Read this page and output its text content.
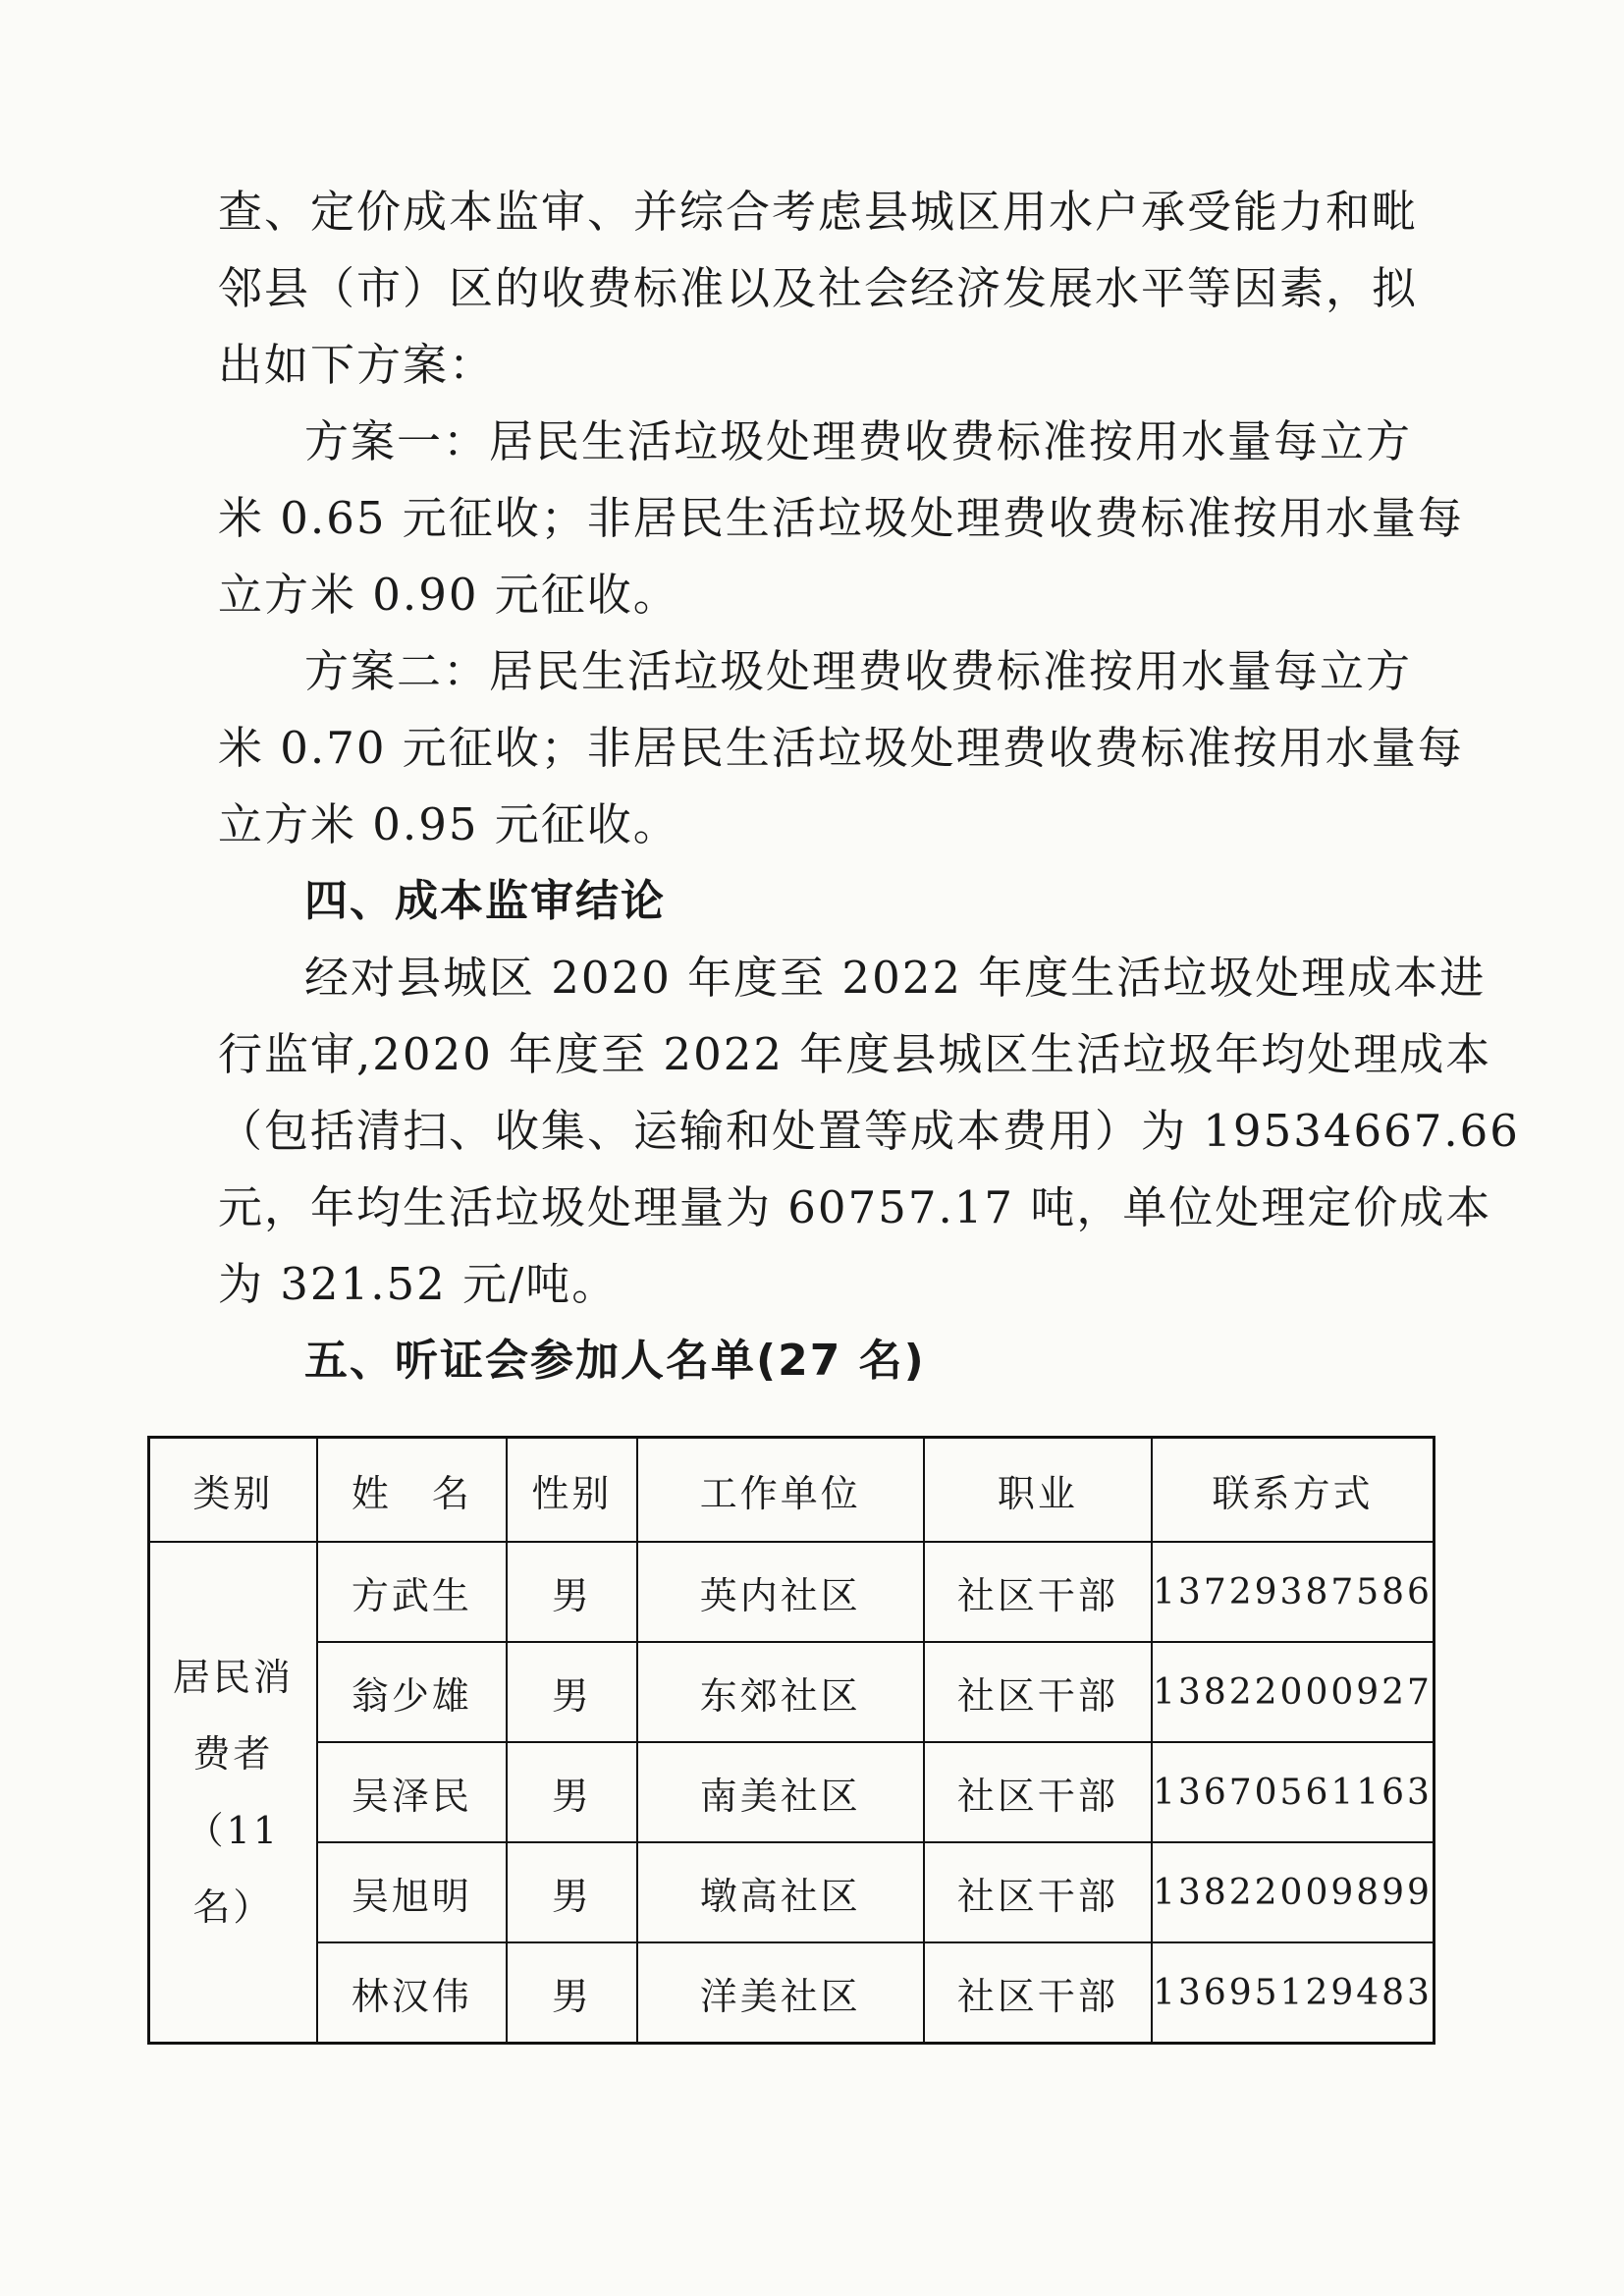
查、定价成本监审、并综合考虑县城区用水户承受能力和毗
邻县（市）区的收费标准以及社会经济发展水平等因素，拟
出如下方案：
方案一：居民生活垃圾处理费收费标准按用水量每立方
米 0.65 元征收；非居民生活垃圾处理费收费标准按用水量每
立方米 0.90 元征收。
方案二：居民生活垃圾处理费收费标准按用水量每立方
米 0.70 元征收；非居民生活垃圾处理费收费标准按用水量每
立方米 0.95 元征收。
四、成本监审结论
经对县城区 2020 年度至 2022 年度生活垃圾处理成本进
行监审,2020 年度至 2022 年度县城区生活垃圾年均处理成本
（包括清扫、收集、运输和处置等成本费用）为 19534667.66
元，年均生活垃圾处理量为 60757.17 吨，单位处理定价成本
为 321.52 元/吨。
五、听证会参加人名单(27 名)
类别	姓　名	性别	工作单位	职业	联系方式

居民消
费者
（11
名）	方武生	男	英内社区	社区干部	13729387586
	翁少雄	男	东郊社区	社区干部	13822000927
	吴泽民	男	南美社区	社区干部	13670561163
	吴旭明	男	墩高社区	社区干部	13822009899
	林汉伟	男	洋美社区	社区干部	13695129483
